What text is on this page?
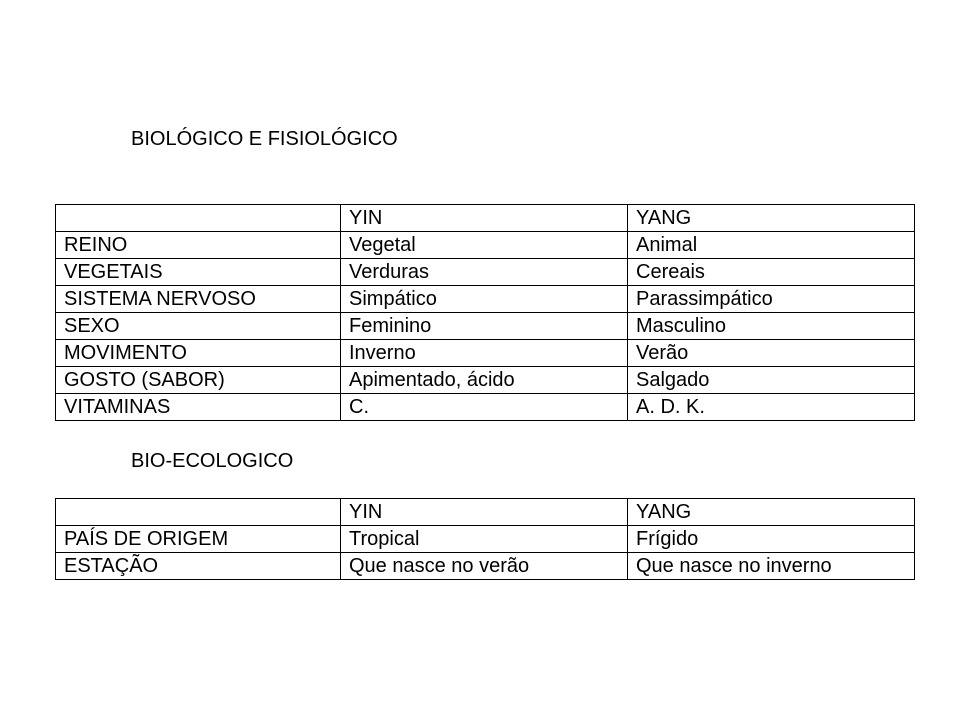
BIOLÓGICO E FISIOLÓGICO
	YIN	YANG
REINO	Vegetal	Animal
VEGETAIS	Verduras	Cereais
SISTEMA NERVOSO	Simpático	Parassimpático
SEXO	Feminino	Masculino
MOVIMENTO	Inverno	Verão
GOSTO (SABOR)	Apimentado, ácido	Salgado
VITAMINAS	C.	A. D. K.
BIO-ECOLOGICO
	YIN	YANG
PAÍS DE ORIGEM	Tropical	Frígido
ESTAÇÃO	Que nasce no verão	Que nasce no inverno
